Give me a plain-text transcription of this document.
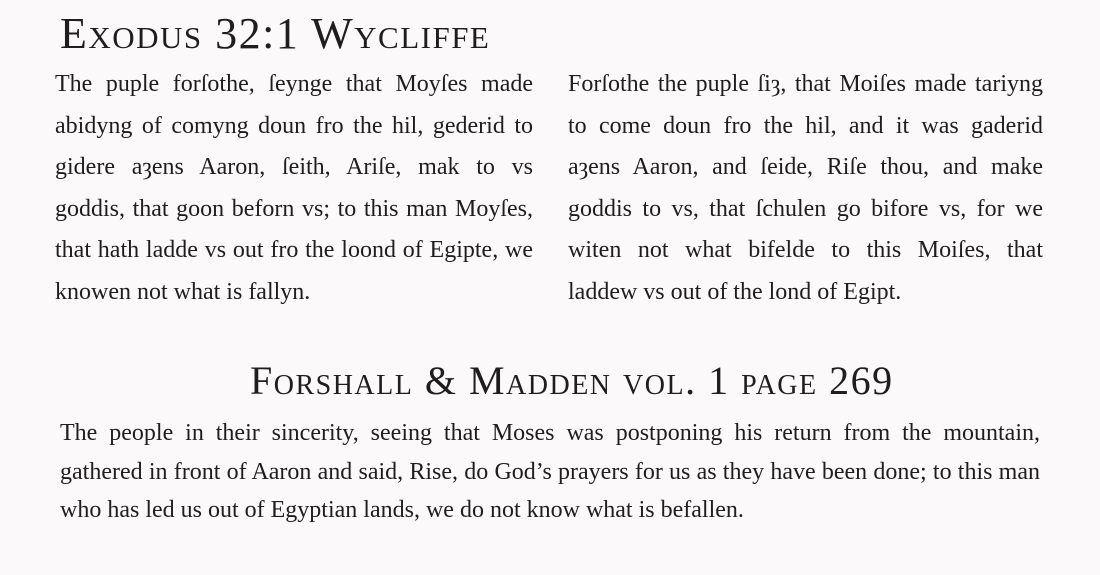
Exodus 32:1 Wycliffe

The puple forſothe, ſeynge that Moyſes made abidyng of comyng doun fro the hil, gederid to gidere aȝens Aaron, ſeith, Ariſe, mak to vs goddis, that goon beforn vs; to this man Moyſes, that hath ladde vs out fro the loond of Egipte, we knowen not what is fallyn.

Forſothe the puple ſiȝ, that Moiſes made tariyng to come doun fro the hil, and it was gaderid aȝens Aaron, and ſeide, Riſe thou, and make goddis to vs, that ſchulen go bifore vs, for we witen not what bifelde to this Moiſes, that laddew vs out of the lond of Egipt.

Forshall & Madden vol. 1 page 269

The people in their sincerity, seeing that Moses was postponing his return from the mountain, gathered in front of Aaron and said, Rise, do God’s prayers for us as they have been done; to this man who has led us out of Egyptian lands, we do not know what is befallen.
